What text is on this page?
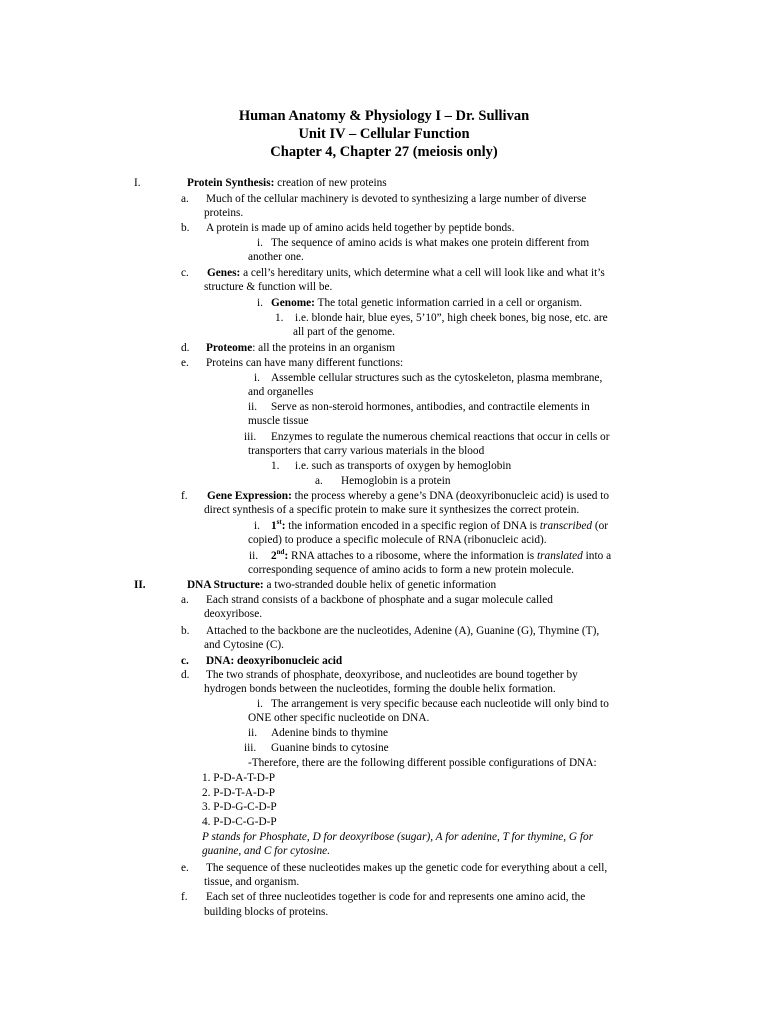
Human Anatomy & Physiology I – Dr. Sullivan
Unit IV – Cellular Function
Chapter 4, Chapter 27 (meiosis only)
I.	Protein Synthesis: creation of new proteins
a. Much of the cellular machinery is devoted to synthesizing a large number of diverse
proteins.
b. A protein is made up of amino acids held together by peptide bonds.
i. The sequence of amino acids is what makes one protein different from
another one.
c. Genes: a cell’s hereditary units, which determine what a cell will look like and what it’s
structure & function will be.
i. Genome: The total genetic information carried in a cell or organism.
1. i.e. blonde hair, blue eyes, 5’10”, high cheek bones, big nose, etc. are
all part of the genome.
d. Proteome: all the proteins in an organism
e. Proteins can have many different functions:
i. Assemble cellular structures such as the cytoskeleton, plasma membrane,
and organelles
ii. Serve as non-steroid hormones, antibodies, and contractile elements in
muscle tissue
iii. Enzymes to regulate the numerous chemical reactions that occur in cells or
transporters that carry various materials in the blood
1. i.e. such as transports of oxygen by hemoglobin
a. Hemoglobin is a protein
f. Gene Expression: the process whereby a gene’s DNA (deoxyribonucleic acid) is used to
direct synthesis of a specific protein to make sure it synthesizes the correct protein.
i. 1st: the information encoded in a specific region of DNA is transcribed (or
copied) to produce a specific molecule of RNA (ribonucleic acid).
ii. 2nd: RNA attaches to a ribosome, where the information is translated into a
corresponding sequence of amino acids to form a new protein molecule.
II.	DNA Structure: a two-stranded double helix of genetic information
a. Each strand consists of a backbone of phosphate and a sugar molecule called
deoxyribose.
b. Attached to the backbone are the nucleotides, Adenine (A), Guanine (G), Thymine (T),
and Cytosine (C).
c. DNA: deoxyribonucleic acid
d. The two strands of phosphate, deoxyribose, and nucleotides are bound together by
hydrogen bonds between the nucleotides, forming the double helix formation.
i. The arrangement is very specific because each nucleotide will only bind to
ONE other specific nucleotide on DNA.
ii. Adenine binds to thymine
iii. Guanine binds to cytosine
-Therefore, there are the following different possible configurations of DNA:
1. P-D-A-T-D-P
2. P-D-T-A-D-P
3. P-D-G-C-D-P
4. P-D-C-G-D-P
P stands for Phosphate, D for deoxyribose (sugar), A for adenine, T for thymine, G for
guanine, and C for cytosine.
e. The sequence of these nucleotides makes up the genetic code for everything about a cell,
tissue, and organism.
f. Each set of three nucleotides together is code for and represents one amino acid, the
building blocks of proteins.
